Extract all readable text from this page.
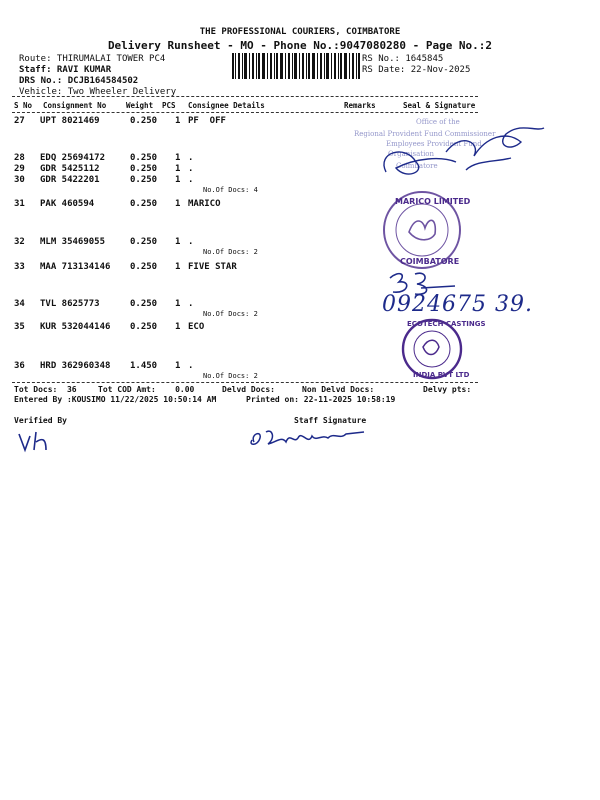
THE PROFESSIONAL COURIERS, COIMBATORE
Delivery Runsheet - MO - Phone No.:9047080280 - Page No.:2
Route: THIRUMALAI TOWER PC4
Staff: RAVI KUMAR
DRS No.: DCJB164584502
Vehicle: Two Wheeler Delivery
RS No.: 1645845
RS Date: 22-Nov-2025
S No Consignment No	Weight PCS Consignee Details	Remarks	Seal & Signature
27 UPT 8021469	0.250 1 PF  OFF
28 EDQ 25694172	0.250 1 .
29 GDR 5425112	0.250 1 .
30 GDR 5422201	0.250 1 .
No.Of Docs: 4
31 PAK 460594	0.250 1 MARICO
32 MLM 35469055	0.250 1 .
No.Of Docs: 2
33 MAA 713134146 0.250 1 FIVE STAR
34 TVL 8625773	0.250 1 .
No.Of Docs: 2
35 KUR 532044146 0.250 1 ECO
36 HRD 362960348 1.450 1 .
No.Of Docs: 2
Tot Docs:  36	Tot COD Amt:    0.00	Delvd Docs:	Non Delvd Docs:	Delvy pts:
Entered By :KOUSIMO 11/22/2025 10:50:14 AM	Printed on: 22-11-2025 10:58:19
Verified By	Staff Signature
Office of the
Regional Provident Fund Commissioner
Employees Provident Fund
Organisation
Coimbatore
MARICO LIMITED
COIMBATORE
0924675 39.
ECOTECH CASTINGS
INDIA PVT LTD
